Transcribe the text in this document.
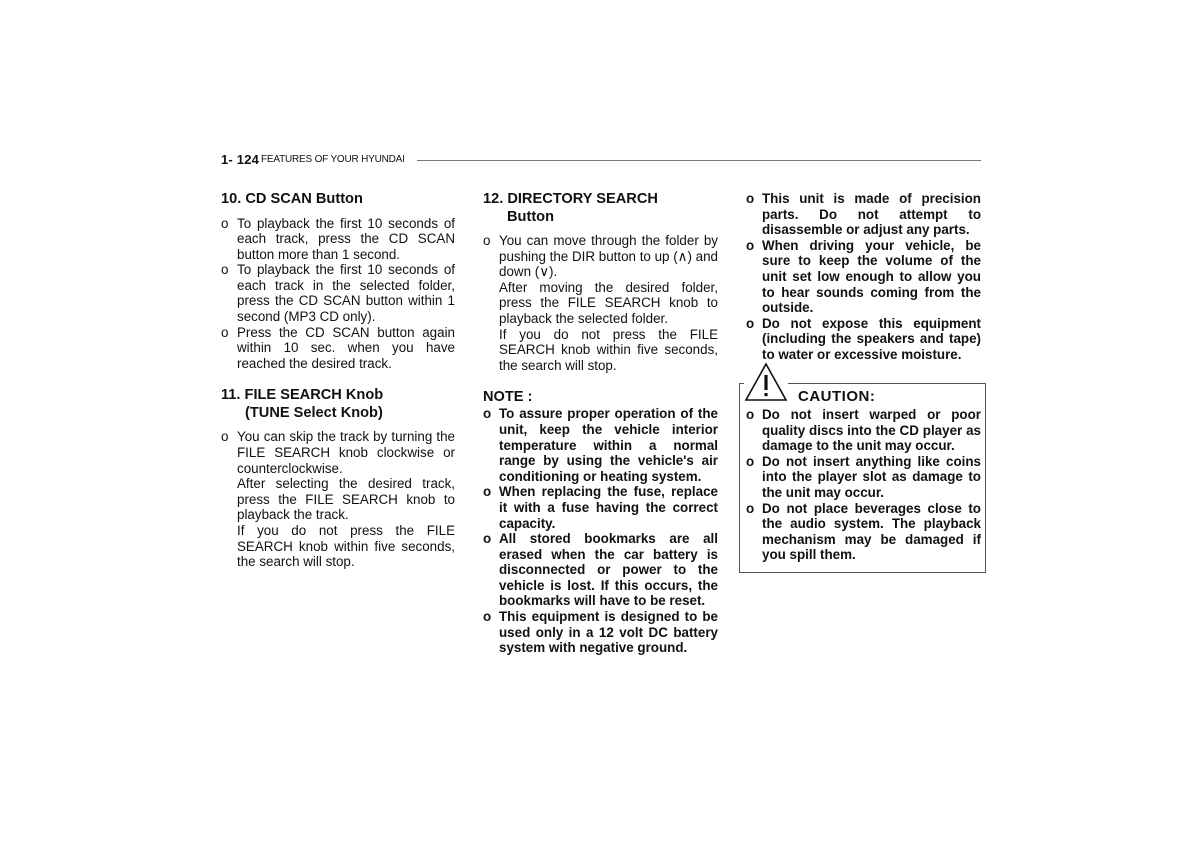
1- 124 FEATURES OF YOUR HYUNDAI
10. CD SCAN Button
o To playback the first 10 seconds of each track, press the CD SCAN button more than 1 second.
o To playback the first 10 seconds of each track in the selected folder, press the CD SCAN button within 1 second (MP3 CD only).
o Press the CD SCAN button again within 10 sec. when you have reached the desired track.
11. FILE SEARCH Knob
(TUNE Select Knob)
o You can skip the track by turning the FILE SEARCH knob clockwise or counterclockwise.
After selecting the desired track, press the FILE SEARCH knob to playback the track.
If you do not press the FILE SEARCH knob within five seconds, the search will stop.
12. DIRECTORY SEARCH
Button
o You can move through the folder by pushing the DIR button to up (∧) and down (∨).
After moving the desired folder, press the FILE SEARCH knob to playback the selected folder.
If you do not press the FILE SEARCH knob within five seconds, the search will stop.
NOTE :
o To assure proper operation of the unit, keep the vehicle interior temperature within a normal range by using the vehicle's air conditioning or heating system.
o When replacing the fuse, replace it with a fuse having the correct capacity.
o All stored bookmarks are all erased when the car battery is disconnected or power to the vehicle is lost. If this occurs, the bookmarks will have to be reset.
o This equipment is designed to be used only in a 12 volt DC battery system with negative ground.
o This unit is made of precision parts. Do not attempt to disassemble or adjust any parts.
o When driving your vehicle, be sure to keep the volume of the unit set low enough to allow you to hear sounds coming from the outside.
o Do not expose this equipment (including the speakers and tape) to water or excessive moisture.
CAUTION:
o Do not insert warped or poor quality discs into the CD player as damage to the unit may occur.
o Do not insert anything like coins into the player slot as damage to the unit may occur.
o Do not place beverages close to the audio system. The playback mechanism may be damaged if you spill them.
